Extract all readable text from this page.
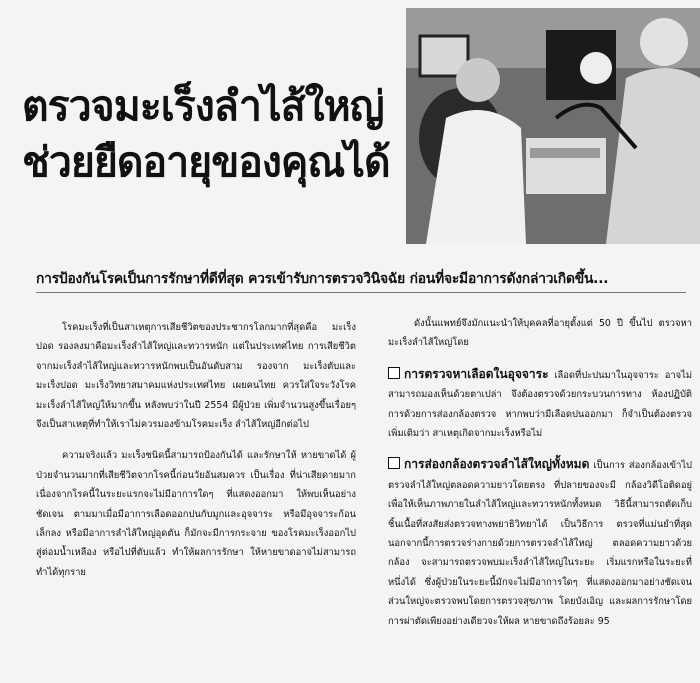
ตรวจมะเร็งลำไส้ใหญ่
ช่วยยืดอายุของคุณได้
การป้องกันโรคเป็นการรักษาที่ดีที่สุด ควรเข้ารับการตรวจวินิจฉัย ก่อนที่จะมีอาการดังกล่าวเกิดขึ้น...

โรคมะเร็งที่เป็นสาเหตุการเสียชีวิตของประชากรโลกมากที่สุดคือ มะเร็งปอด รองลงมาคือมะเร็งลำไส้ใหญ่และทวารหนัก แต่ในประเทศไทย การเสียชีวิตจากมะเร็งลำไส้ใหญ่และทวารหนักพบเป็นอันดับสาม รองจาก มะเร็งตับและมะเร็งปอด มะเร็งวิทยาสมาคมแห่งประเทศไทย เผยคนไทย ควรใส่ใจระวังโรคมะเร็งลำไส้ใหญ่ให้มากขึ้น หลังพบว่าในปี 2554 มีผู้ป่วย เพิ่มจำนวนสูงขึ้นเรื่อยๆ จึงเป็นสาเหตุที่ทำให้เราไม่ควรมองข้ามโรคมะเร็ง ลำไส้ใหญ่อีกต่อไป

ความจริงแล้ว มะเร็งชนิดนี้สามารถป้องกันได้ และรักษาให้ หายขาดได้ ผู้ป่วยจำนวนมากที่เสียชีวิตจากโรคนี้ก่อนวัยอันสมควร เป็นเรื่อง ที่น่าเสียดายมาก เนื่องจากโรคนี้ในระยะแรกจะไม่มีอาการใดๆ ที่แสดงออกมา ให้พบเห็นอย่างชัดเจน ตามมาเมื่อมีอาการเลือดออกปนกับมูกและอุจจาระ หรือมีอุจจาระก้อนเล็กลง หรือมีอาการลำไส้ใหญ่อุดตัน ก็มักจะมีการกระจาย ของโรคมะเร็งออกไปสู่ต่อมน้ำเหลือง หรือไปที่ตับแล้ว ทำให้ผลการรักษา ให้หายขาดอาจไม่สามารถทำได้ทุกราย

ดังนั้นแพทย์จึงมักแนะนำให้บุคคลที่อายุตั้งแต่ 50 ปี ขึ้นไป ตรวจหามะเร็งลำไส้ใหญ่โดย

การตรวจหาเลือดในอุจจาระ เลือดที่ปะปนมาในอุจจาระ อาจไม่สามารถมองเห็นด้วยตาเปล่า จึงต้องตรวจด้วยกระบวนการทาง ห้องปฏิบัติการด้วยการส่องกล้องตรวจ หากพบว่ามีเลือดปนออกมา ก็จำเป็นต้องตรวจเพิ่มเติมว่า สาเหตุเกิดจากมะเร็งหรือไม่

การส่องกล้องตรวจลำไส้ใหญ่ทั้งหมด เป็นการ ส่องกล้องเข้าไปตรวจลำไส้ใหญ่ตลอดความยาวโดยตรง ที่ปลายของจะมี กล้องวิดีโอติดอยู่เพื่อให้เห็นภาพภายในลำไส้ใหญ่และทวารหนักทั้งหมด วิธีนี้สามารถตัดเก็บชิ้นเนื้อที่สงสัยส่งตรวจทางพยาธิวิทยาได้ เป็นวิธีการ ตรวจที่แม่นยำที่สุด นอกจากนี้การตรวจร่างกายด้วยการตรวจลำไส้ใหญ่ ตลอดความยาวด้วยกล้อง จะสามารถตรวจพบมะเร็งลำไส้ใหญ่ในระยะ เริ่มแรกหรือในระยะที่หนึ่งได้ ซึ่งผู้ป่วยในระยะนี้มักจะไม่มีอาการใดๆ ที่แสดงออกมาอย่างชัดเจน ส่วนใหญ่จะตรวจพบโดยการตรวจสุขภาพ โดยบังเอิญ และผลการรักษาโดยการผ่าตัดเพียงอย่างเดียวจะให้ผล หายขาดถึงร้อยละ 95
